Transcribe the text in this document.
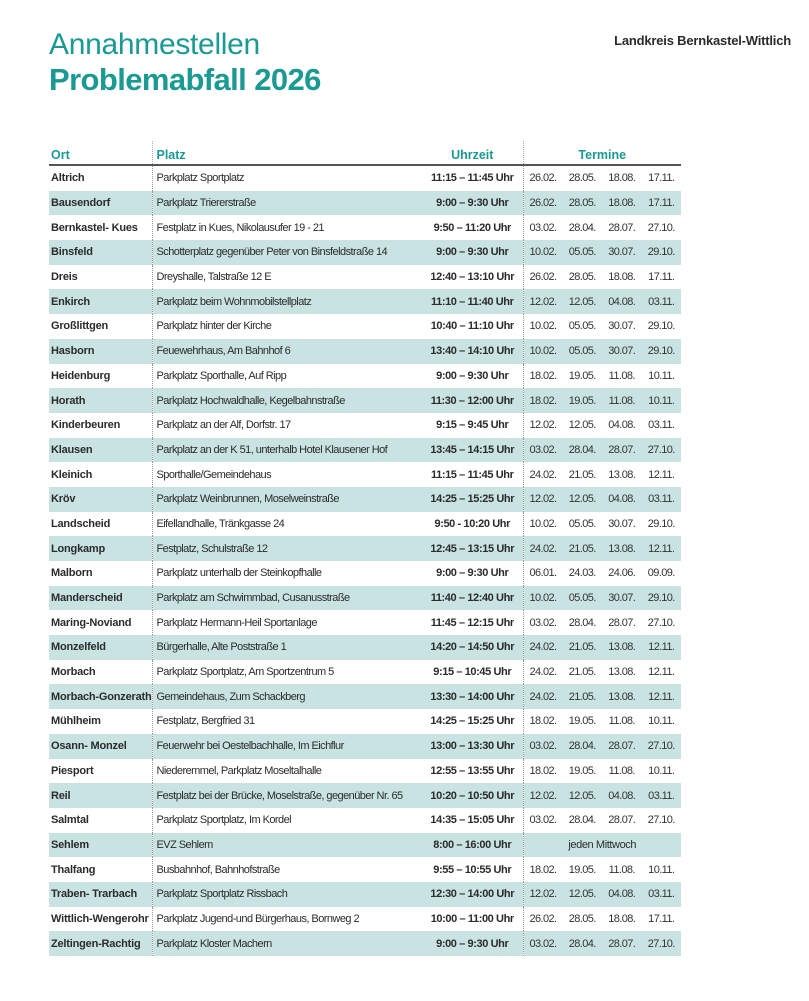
Annahmestellen
Problemabfall 2026
Landkreis Bernkastel-Wittlich
Ort	Platz	Uhrzeit	Termine			
Altrich	Parkplatz Sportplatz	11:15 – 11:45 Uhr	26.02.	28.05.	18.08.	17.11.
Bausendorf	Parkplatz Triererstraße	9:00 – 9:30 Uhr	26.02.	28.05.	18.08.	17.11.
Bernkastel- Kues	Festplatz in Kues, Nikolausufer 19 - 21	9:50 – 11:20 Uhr	03.02.	28.04.	28.07.	27.10.
Binsfeld	Schotterplatz gegenüber Peter von Binsfeldstraße 14	9:00 – 9:30 Uhr	10.02.	05.05.	30.07.	29.10.
Dreis	Dreyshalle, Talstraße 12 E	12:40 – 13:10 Uhr	26.02.	28.05.	18.08.	17.11.
Enkirch	Parkplatz beim Wohnmobilstellplatz	11:10 – 11:40 Uhr	12.02.	12.05.	04.08.	03.11.
Großlittgen	Parkplatz hinter der Kirche	10:40 – 11:10 Uhr	10.02.	05.05.	30.07.	29.10.
Hasborn	Feuewehrhaus, Am Bahnhof 6	13:40 – 14:10 Uhr	10.02.	05.05.	30.07.	29.10.
Heidenburg	Parkplatz Sporthalle, Auf Ripp	9:00 – 9:30 Uhr	18.02.	19.05.	11.08.	10.11.
Horath	Parkplatz Hochwaldhalle, Kegelbahnstraße	11:30 – 12:00 Uhr	18.02.	19.05.	11.08.	10.11.
Kinderbeuren	Parkplatz an der Alf, Dorfstr. 17	9:15 – 9:45 Uhr	12.02.	12.05.	04.08.	03.11.
Klausen	Parkplatz an der K 51, unterhalb Hotel Klausener Hof	13:45 – 14:15 Uhr	03.02.	28.04.	28.07.	27.10.
Kleinich	Sporthalle/Gemeindehaus	11:15 – 11:45 Uhr	24.02.	21.05.	13.08.	12.11.
Kröv	Parkplatz Weinbrunnen, Moselweinstraße	14:25 – 15:25 Uhr	12.02.	12.05.	04.08.	03.11.
Landscheid	Eifellandhalle, Tränkgasse 24	9:50 - 10:20 Uhr	10.02.	05.05.	30.07.	29.10.
Longkamp	Festplatz, Schulstraße 12	12:45 – 13:15 Uhr	24.02.	21.05.	13.08.	12.11.
Malborn	Parkplatz unterhalb der Steinkopfhalle	9:00 – 9:30 Uhr	06.01.	24.03.	24.06.	09.09.
Manderscheid	Parkplatz am Schwimmbad, Cusanusstraße	11:40 – 12:40 Uhr	10.02.	05.05.	30.07.	29.10.
Maring-Noviand	Parkplatz Hermann-Heil Sportanlage	11:45 – 12:15 Uhr	03.02.	28.04.	28.07.	27.10.
Monzelfeld	Bürgerhalle, Alte Poststraße 1	14:20 – 14:50 Uhr	24.02.	21.05.	13.08.	12.11.
Morbach	Parkplatz Sportplatz, Am Sportzentrum 5	9:15 – 10:45 Uhr	24.02.	21.05.	13.08.	12.11.
Morbach-Gonzerath	Gemeindehaus, Zum Schackberg	13:30 – 14:00 Uhr	24.02.	21.05.	13.08.	12.11.
Mühlheim	Festplatz, Bergfried 31	14:25 – 15:25 Uhr	18.02.	19.05.	11.08.	10.11.
Osann- Monzel	Feuerwehr bei Oestelbachhalle, Im Eichflur	13:00 – 13:30 Uhr	03.02.	28.04.	28.07.	27.10.
Piesport	Niederemmel, Parkplatz Moseltalhalle	12:55 – 13:55 Uhr	18.02.	19.05.	11.08.	10.11.
Reil	Festplatz bei der Brücke, Moselstraße, gegenüber Nr. 65	10:20 – 10:50 Uhr	12.02.	12.05.	04.08.	03.11.
Salmtal	Parkplatz Sportplatz, Im Kordel	14:35 – 15:05 Uhr	03.02.	28.04.	28.07.	27.10.
Sehlem	EVZ Sehlem	8:00 – 16:00 Uhr	jeden Mittwoch			
Thalfang	Busbahnhof, Bahnhofstraße	9:55 – 10:55 Uhr	18.02.	19.05.	11.08.	10.11.
Traben- Trarbach	Parkplatz Sportplatz Rissbach	12:30 – 14:00 Uhr	12.02.	12.05.	04.08.	03.11.
Wittlich-Wengerohr	Parkplatz Jugend-und Bürgerhaus, Bornweg 2	10:00 – 11:00 Uhr	26.02.	28.05.	18.08.	17.11.
Zeltingen-Rachtig	Parkplatz Kloster Machern	9:00 – 9:30 Uhr	03.02.	28.04.	28.07.	27.10.
